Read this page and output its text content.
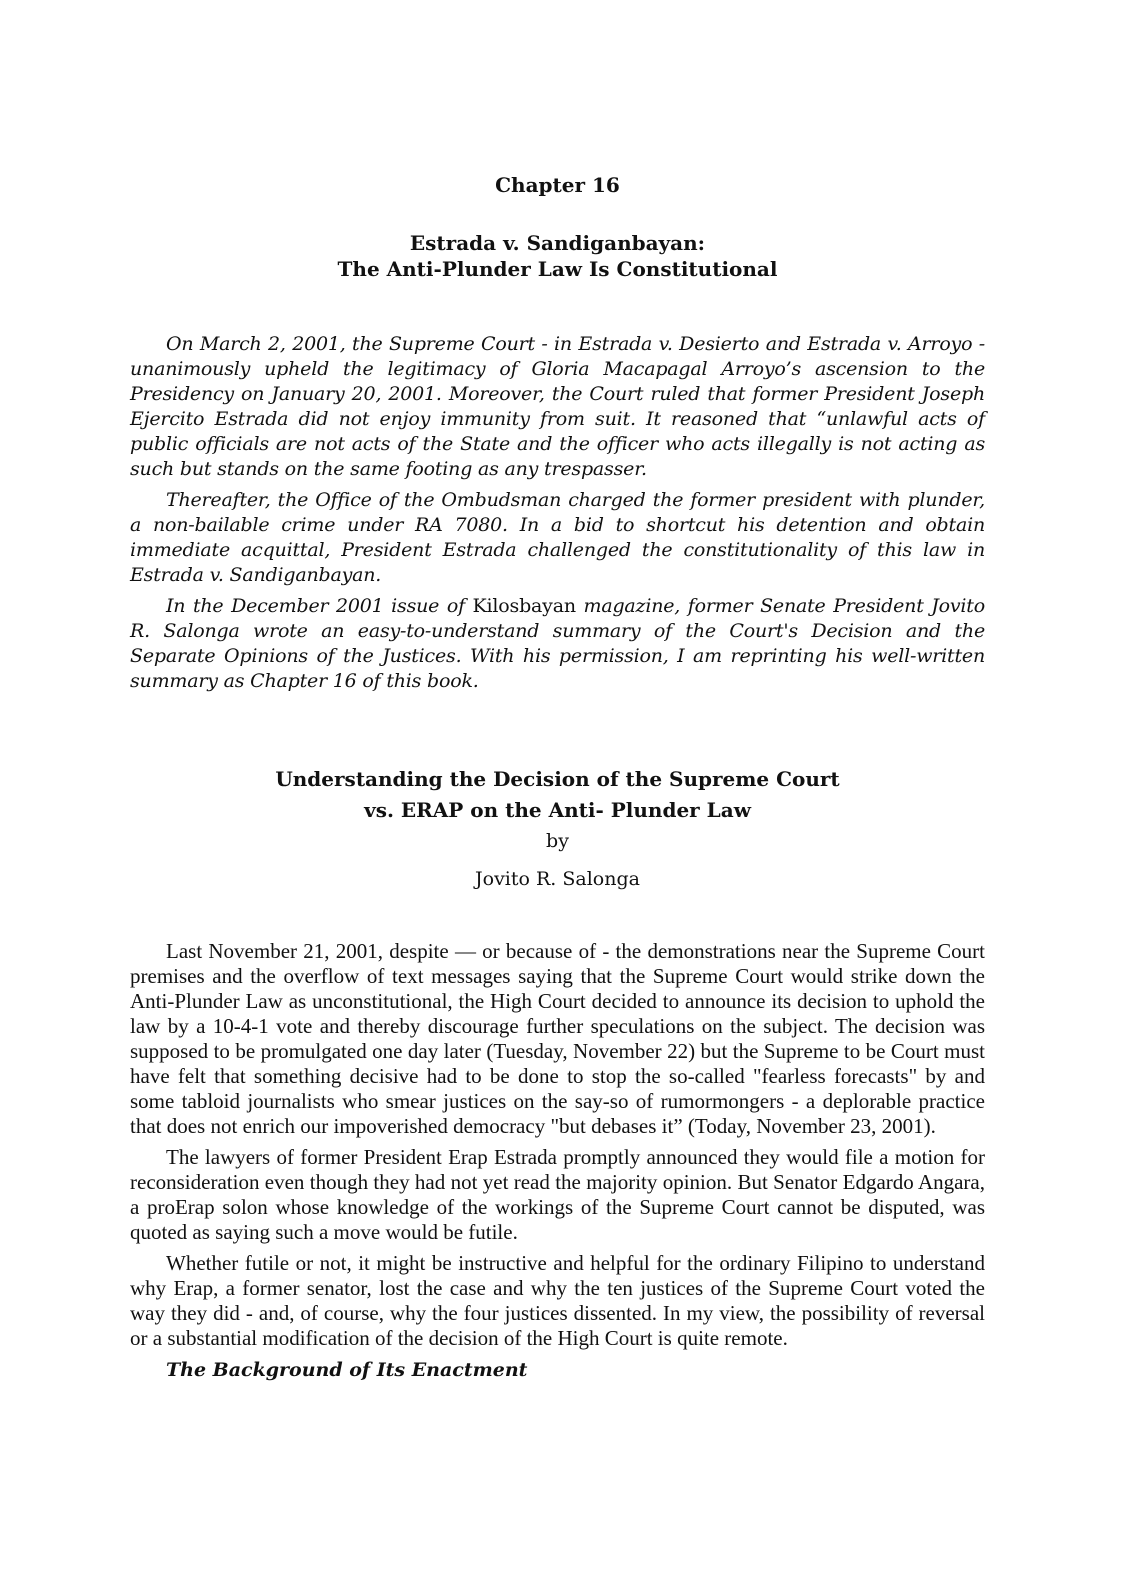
Chapter 16
Estrada v. Sandiganbayan:
The Anti-Plunder Law Is Constitutional

On March 2, 2001, the Supreme Court - in Estrada v. Desierto and Estrada v. Arroyo - unanimously upheld the legitimacy of Gloria Macapagal Arroyo’s ascension to the Presidency on January 20, 2001. Moreover, the Court ruled that former President Joseph Ejercito Estrada did not enjoy immunity from suit. It reasoned that “unlawful acts of public officials are not acts of the State and the officer who acts illegally is not acting as such but stands on the same footing as any trespasser.

Thereafter, the Office of the Ombudsman charged the former president with plunder, a non-bailable crime under RA 7080. In a bid to shortcut his detention and obtain immediate acquittal, President Estrada challenged the constitutionality of this law in Estrada v. Sandiganbayan.

In the December 2001 issue of Kilosbayan magazine, former Senate President Jovito R. Salonga wrote an easy-to-understand summary of the Court's Decision and the Separate Opinions of the Justices. With his permission, I am reprinting his well-written summary as Chapter 16 of this book.

Understanding the Decision of the Supreme Court
vs. ERAP on the Anti- Plunder Law
by
Jovito R. Salonga

Last November 21, 2001, despite — or because of - the demonstrations near the Supreme Court premises and the overflow of text messages saying that the Supreme Court would strike down the Anti-Plunder Law as unconstitutional, the High Court decided to announce its decision to uphold the law by a 10-4-1 vote and thereby discourage further speculations on the subject. The decision was supposed to be promulgated one day later (Tuesday, November 22) but the Supreme to be Court must have felt that something decisive had to be done to stop the so-called "fearless forecasts" by and some tabloid journalists who smear justices on the say-so of rumormongers - a deplorable practice that does not enrich our impoverished democracy "but debases it” (Today, November 23, 2001).

The lawyers of former President Erap Estrada promptly announced they would file a motion for reconsideration even though they had not yet read the majority opinion. But Senator Edgardo Angara, a proErap solon whose knowledge of the workings of the Supreme Court cannot be disputed, was quoted as saying such a move would be futile.

Whether futile or not, it might be instructive and helpful for the ordinary Filipino to understand why Erap, a former senator, lost the case and why the ten justices of the Supreme Court voted the way they did - and, of course, why the four justices dissented. In my view, the possibility of reversal or a substantial modification of the decision of the High Court is quite remote.

The Background of Its Enactment
